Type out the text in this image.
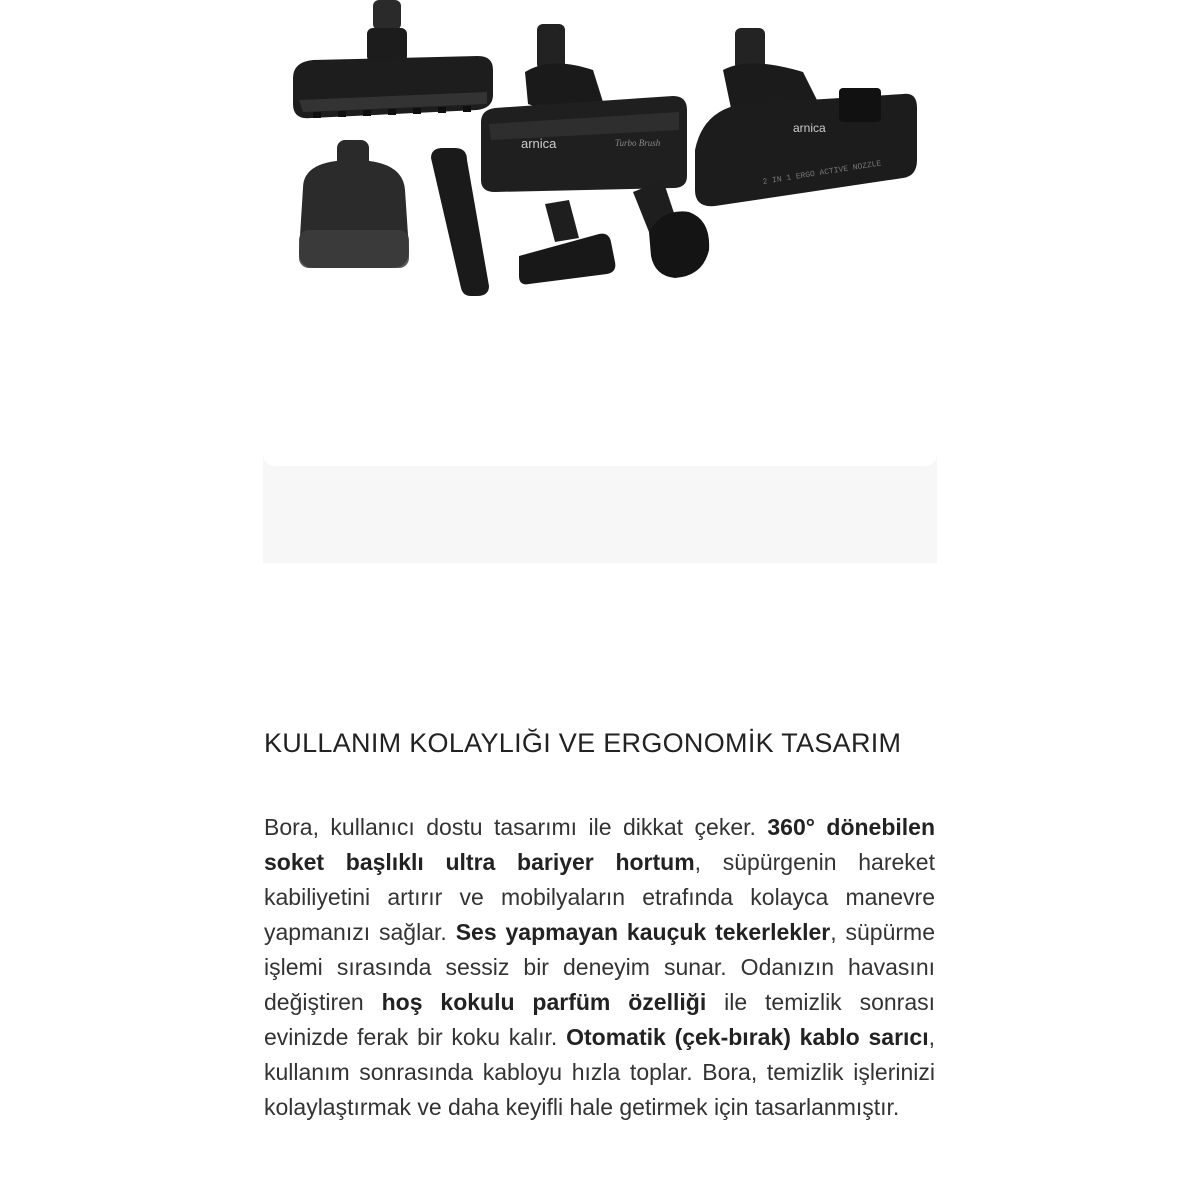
arnica	Turbo Brush
arnica
2 IN 1 ERGO ACTIVE NOZZLE
KULLANIM KOLAYLIĞI VE ERGONOMİK TASARIM

Bora, kullanıcı dostu tasarımı ile dikkat çeker. 360° dönebilen soket başlıklı ultra bariyer hortum, süpürgenin hareket kabiliyetini artırır ve mobilyaların etrafında kolayca manevre yapmanızı sağlar. Ses yapmayan kauçuk tekerlekler, süpürme işlemi sırasında sessiz bir deneyim sunar. Odanızın havasını değiştiren hoş kokulu parfüm özelliği ile temizlik sonrası evinizde ferak bir koku kalır. Otomatik (çek-bırak) kablo sarıcı, kullanım sonrasında kabloyu hızla toplar. Bora, temizlik işlerinizi kolaylaştırmak ve daha keyifli hale getirmek için tasarlanmıştır.
